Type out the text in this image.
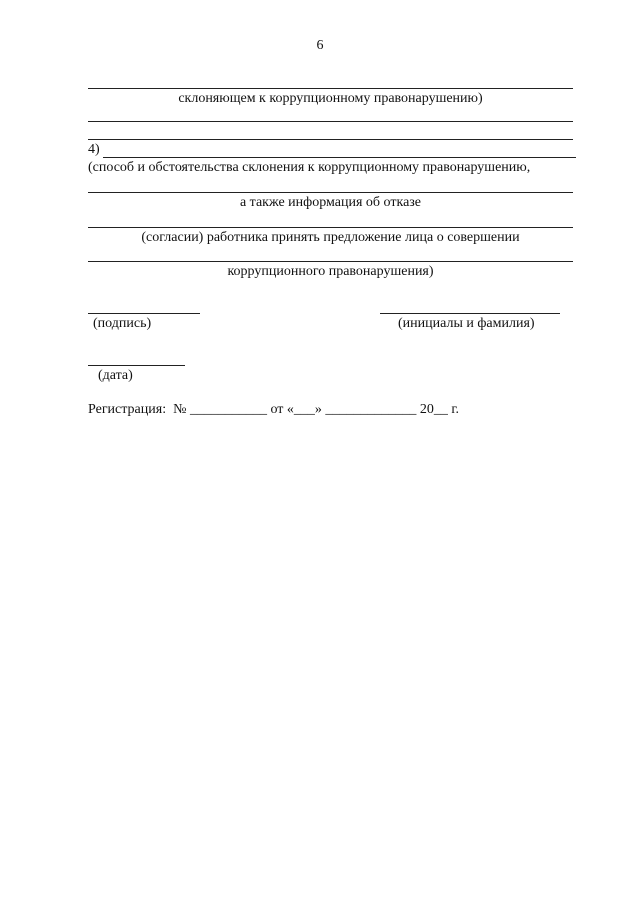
6
склоняющем к коррупционному правонарушению)
4)
(способ и обстоятельства склонения к коррупционному правонарушению,
а также информация об отказе
(согласии) работника принять предложение лица о совершении
коррупционного правонарушения)
(подпись)	(инициалы и фамилия)
(дата)
Регистрация: № ___________ от «___» _____________ 20__ г.
